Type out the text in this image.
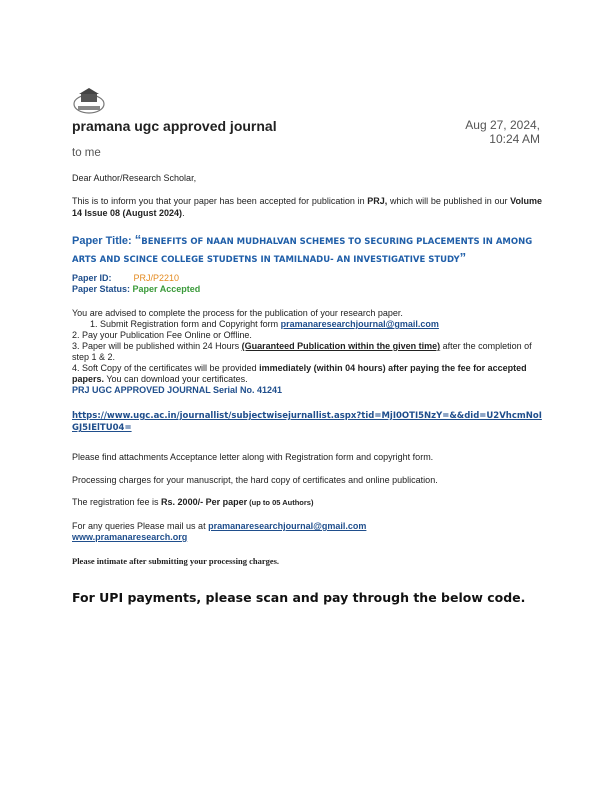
pramana ugc approved journal	Aug 27, 2024,
10:24 AM
to me
Dear Author/Research Scholar,
This is to inform you that your paper has been accepted for publication in PRJ, which will be published in our Volume 14 Issue 08 (August 2024).
Paper Title: “BENEFITS OF NAAN MUDHALVAN SCHEMES TO SECURING PLACEMENTS IN AMONG ARTS AND SCINCE COLLEGE STUDETNS IN TAMILNADU- AN INVESTIGATIVE STUDY”
Paper ID: PRJ/P2210
Paper Status: Paper Accepted
You are advised to complete the process for the publication of your research paper.
1. Submit Registration form and Copyright form pramanaresearchjournal@gmail.com
2. Pay your Publication Fee Online or Offline.
3. Paper will be published within 24 Hours (Guaranteed Publication within the given time) after the completion of step 1 & 2.
4. Soft Copy of the certificates will be provided immediately (within 04 hours) after paying the fee for accepted papers. You can download your certificates.
PRJ UGC APPROVED JOURNAL Serial No. 41241
https://www.ugc.ac.in/journallist/subjectwisejurnallist.aspx?tid=MjI0OTI5NzY=&&did=U2VhcmNoIGJ5IElTU04=
Please find attachments Acceptance letter along with Registration form and copyright form.
Processing charges for your manuscript, the hard copy of certificates and online publication.
The registration fee is Rs. 2000/- Per paper (up to 05 Authors)
For any queries Please mail us at pramanaresearchjournal@gmail.com
www.pramanaresearch.org
Please intimate after submitting your processing charges.
For UPI payments, please scan and pay through the below code.
